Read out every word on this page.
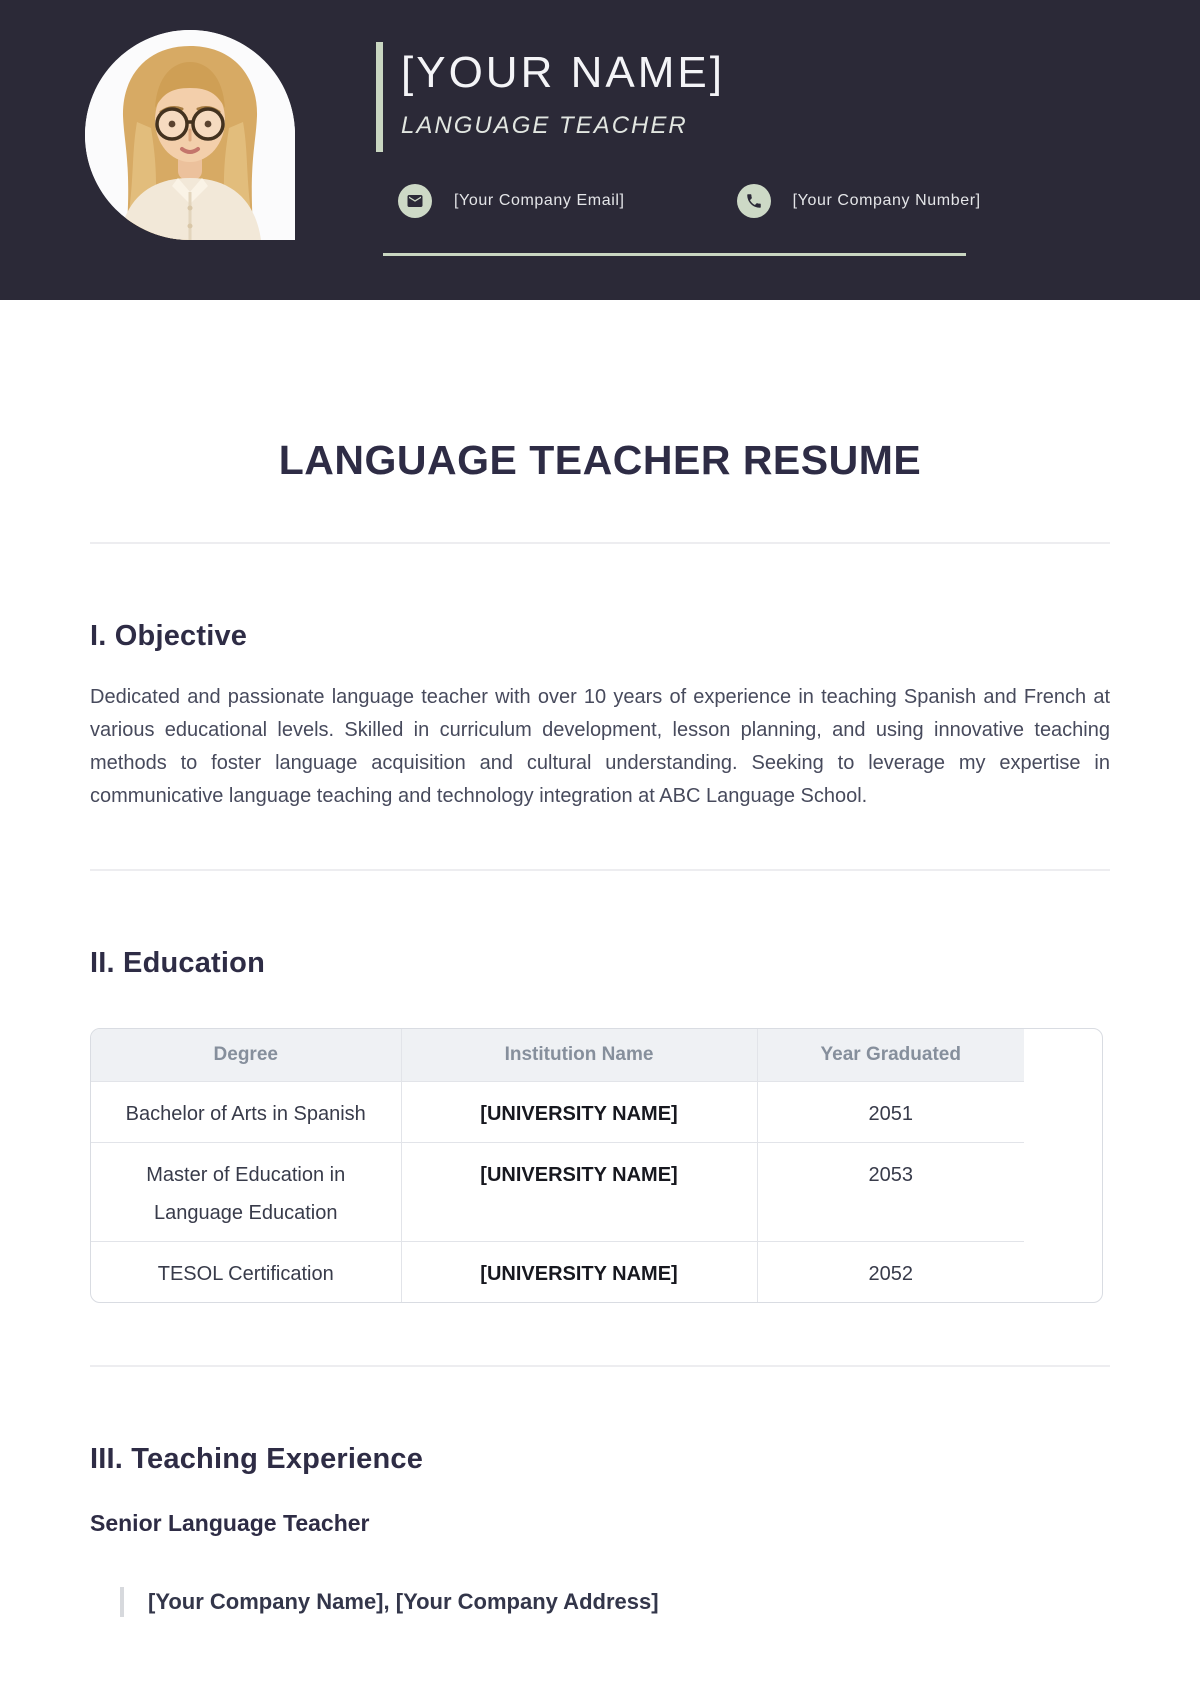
[YOUR NAME]
LANGUAGE TEACHER
[Your Company Email]	[Your Company Number]
LANGUAGE TEACHER RESUME
I. Objective

Dedicated and passionate language teacher with over 10 years of experience in teaching Spanish and French at various educational levels. Skilled in curriculum development, lesson planning, and using innovative teaching methods to foster language acquisition and cultural understanding. Seeking to leverage my expertise in communicative language teaching and technology integration at ABC Language School.

II. Education
Degree	Institution Name	Year Graduated
Bachelor of Arts in Spanish	[UNIVERSITY NAME]	2051
Master of Education in Language Education	[UNIVERSITY NAME]	2053
TESOL Certification	[UNIVERSITY NAME]	2052
III. Teaching Experience
Senior Language Teacher
[Your Company Name], [Your Company Address]
